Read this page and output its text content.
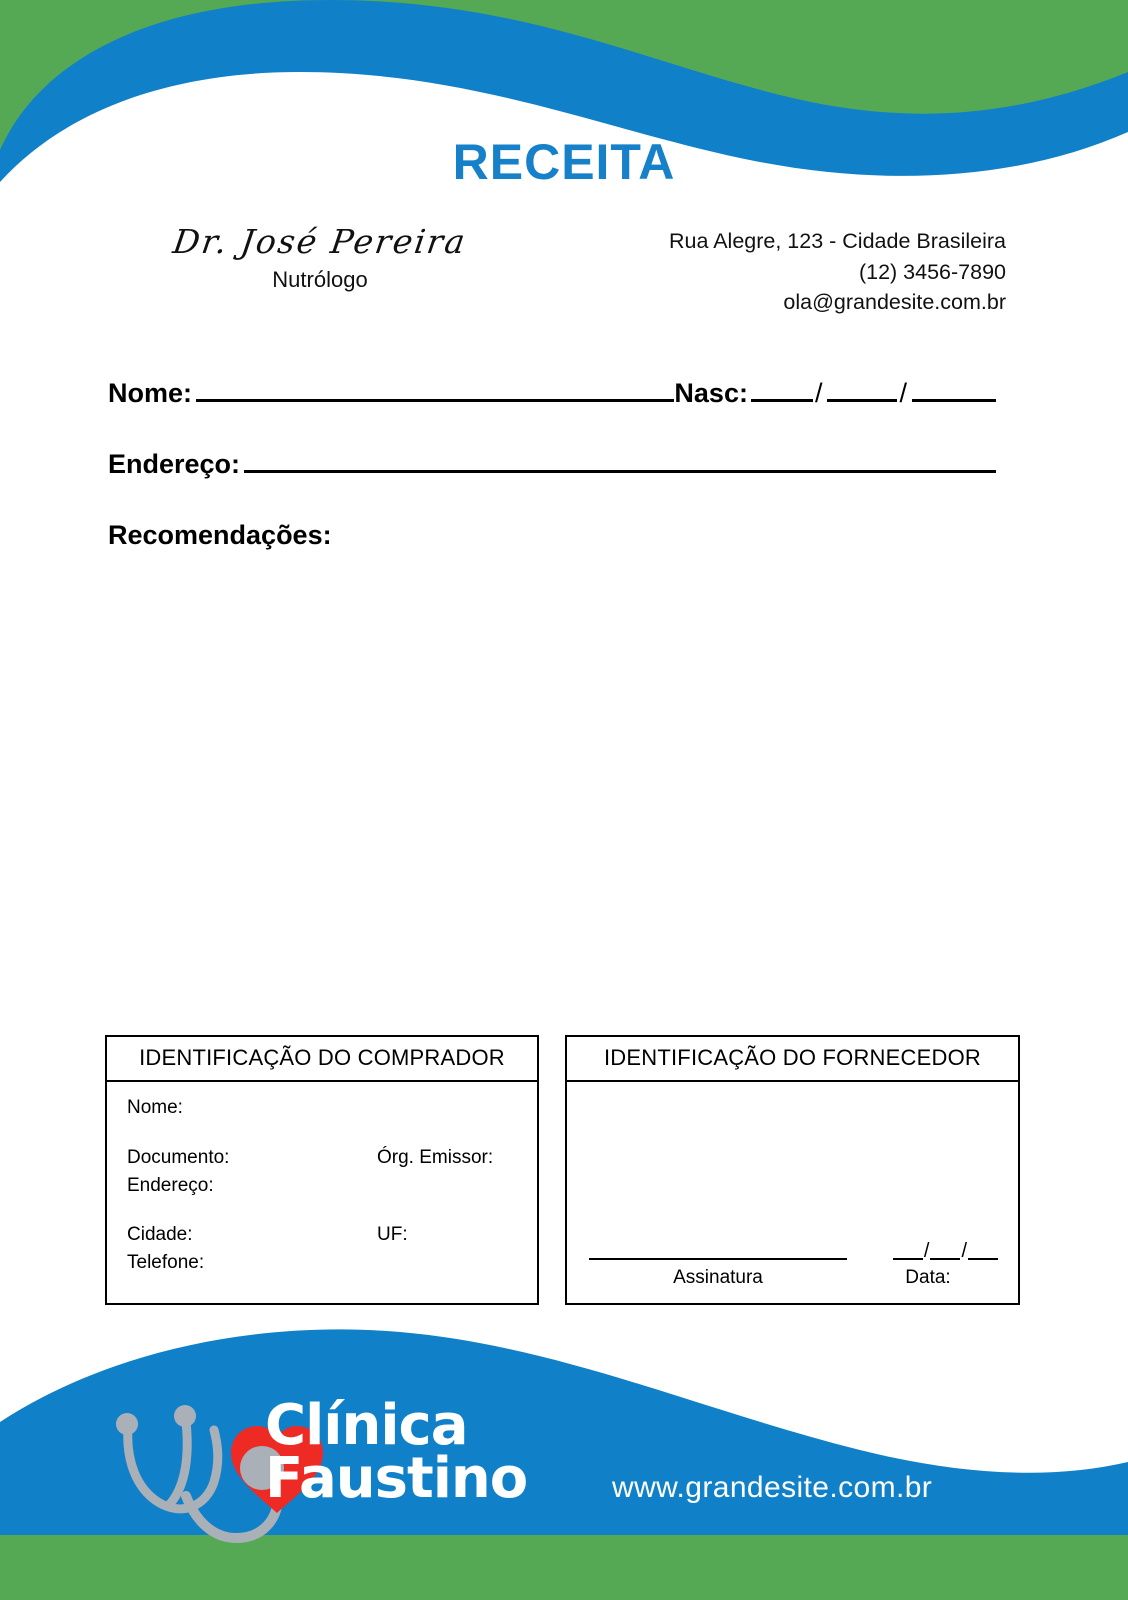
RECEITA
Dr. José Pereira
Nutrólogo
Rua Alegre, 123 - Cidade Brasileira
(12) 3456-7890
ola@grandesite.com.br
Nome:	Nasc: /	/
Endereço:
Recomendações:
IDENTIFICAÇÃO DO COMPRADOR
Nome:
Documento:	Órg. Emissor:
Endereço:
Cidade:	UF:
Telefone:
IDENTIFICAÇÃO DO FORNECEDOR
/ /
Assinatura	Data:
Clínica
Faustino	www.grandesite.com.br
